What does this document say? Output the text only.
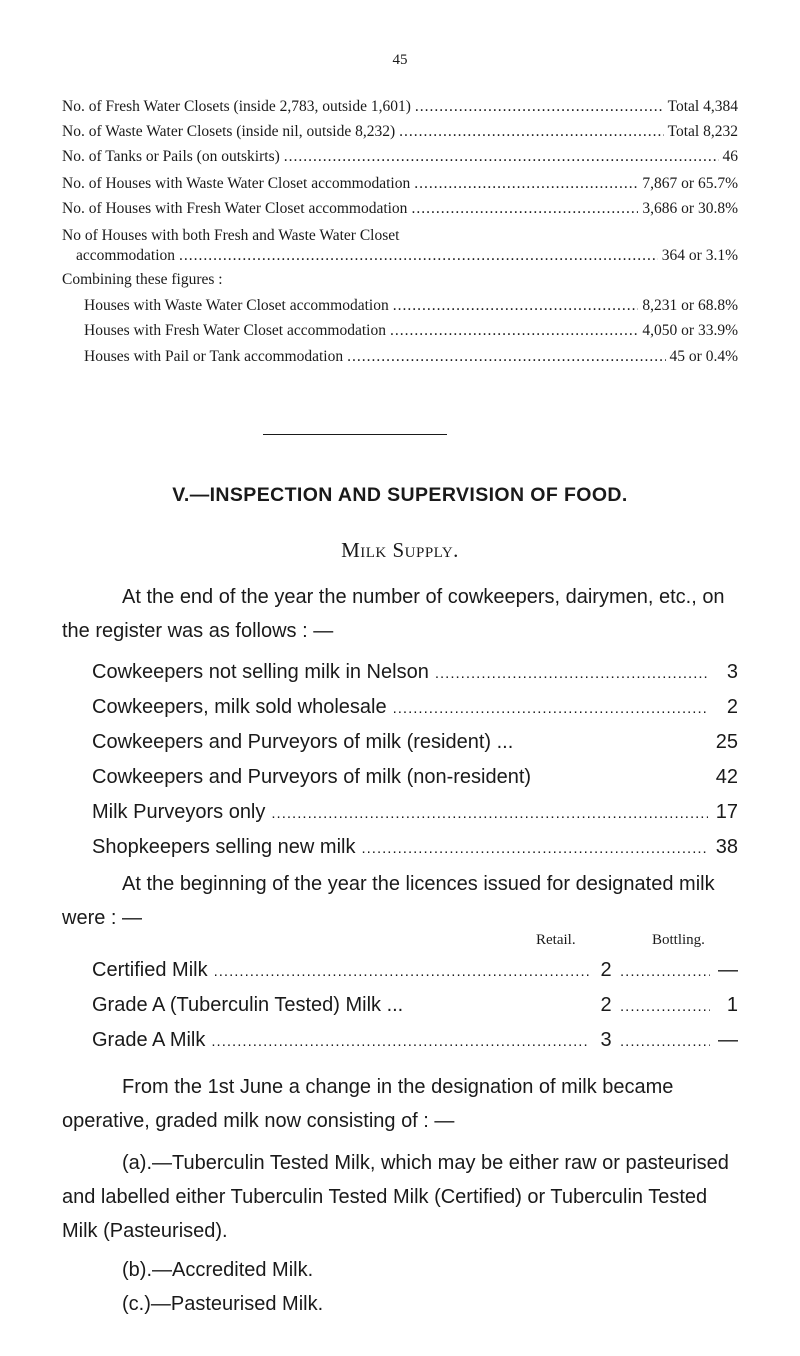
45
No. of Fresh Water Closets (inside 2,783, outside 1,601) .....	Total 4,384
No. of Waste Water Closets (inside nil, outside 8,232) .....	Total 8,232
No. of Tanks or Pails (on outskirts) .....	46
No. of Houses with Waste Water Closet accommodation .....	7,867 or 65.7%
No. of Houses with Fresh Water Closet accommodation .....	3,686 or 30.8%
No of Houses with both Fresh and Waste Water Closet
accommodation .....	364 or 3.1%
Combining these figures :
Houses with Waste Water Closet accommodation .....	8,231 or 68.8%
Houses with Fresh Water Closet accommodation .....	4,050 or 33.9%
Houses with Pail or Tank accommodation .....	45 or 0.4%
V.—INSPECTION AND SUPERVISION OF FOOD.
Milk Supply.
At the end of the year the number of cowkeepers, dairymen, etc., on the register was as follows : —
Cowkeepers not selling milk in Nelson .....	3
Cowkeepers, milk sold wholesale .....	2
Cowkeepers and Purveyors of milk (resident) ... .....	25
Cowkeepers and Purveyors of milk (non-resident) .....	42
Milk Purveyors only .....	17
Shopkeepers selling new milk .....	38
At the beginning of the year the licences issued for designated milk were : —
Retail.	Bottling.
Certified Milk .....	2 .....	—
Grade A (Tuberculin Tested) Milk ...	2 .....	1
Grade A Milk .....	3 .....	—
From the 1st June a change in the designation of milk became operative, graded milk now consisting of : —
(a).—Tuberculin Tested Milk, which may be either raw or pasteurised and labelled either Tuberculin Tested Milk (Certified) or Tuberculin Tested Milk (Pasteurised).
(b).—Accredited Milk.
(c.)—Pasteurised Milk.
